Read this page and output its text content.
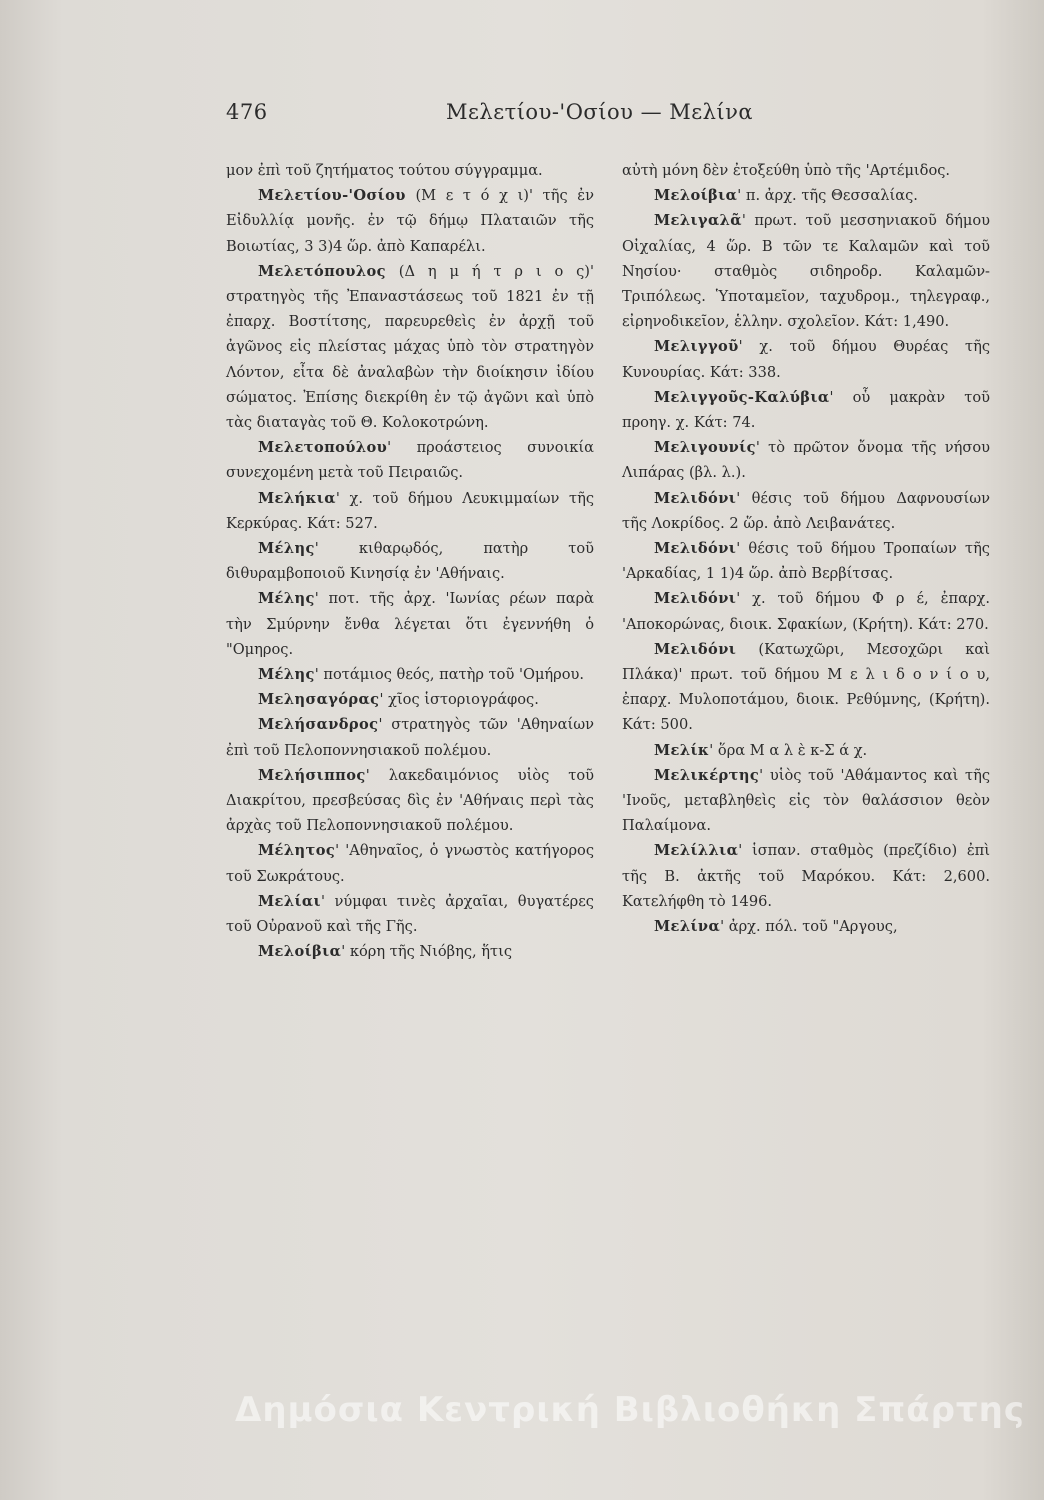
476	Μελετίου-'Οσίου — Μελίνα

μον ἐπὶ τοῦ ζητήματος τούτου σύγγραμμα.

Μελετίου-'Οσίου (Μ ε τ ό χ ι)' τῆς ἐν Εἰδυλλίᾳ μονῆς. ἐν τῷ δήμῳ Πλαταιῶν τῆς Βοιωτίας, 3 3)4 ὥρ. ἀπὸ Καπαρέλι.

Μελετόπουλος (Δ η μ ή τ ρ ι ο ς)' στρατηγὸς τῆς Ἐπαναστάσεως τοῦ 1821 ἐν τῇ ἐπαρχ. Βοστίτσης, παρευρεθεὶς ἐν ἀρχῇ τοῦ ἀγῶνος εἰς πλείστας μάχας ὑπὸ τὸν στρατηγὸν Λόντον, εἶτα δὲ ἀναλαβὼν τὴν διοίκησιν ἰδίου σώματος. Ἐπίσης διεκρίθη ἐν τῷ ἀγῶνι καὶ ὑπὸ τὰς διαταγὰς τοῦ Θ. Κολοκοτρώνη.

Μελετοπούλου' προάστειος συνοικία συνεχομένη μετὰ τοῦ Πειραιῶς.

Μελήκια' χ. τοῦ δήμου Λευκιμμαίων τῆς Κερκύρας. Κάτ: 527.

Μέλης' κιθαρῳδός, πατὴρ τοῦ διθυραμβοποιοῦ Κινησίᾳ ἐν 'Αθήναις.

Μέλης' ποτ. τῆς ἀρχ. 'Ιωνίας ρέων παρὰ τὴν Σμύρνην ἔνθα λέγεται ὅτι ἐγεννήθη ὁ "Ομηρος.

Μέλης' ποτάμιος θεός, πατὴρ τοῦ 'Ομήρου.

Μελησαγόρας' χῖος ἱστοριογράφος.

Μελήσανδρος' στρατηγὸς τῶν 'Αθηναίων ἐπὶ τοῦ Πελοποννησιακοῦ πολέμου.

Μελήσιππος' λακεδαιμόνιος υἱὸς τοῦ Διακρίτου, πρεσβεύσας δὶς ἐν 'Αθήναις περὶ τὰς ἀρχὰς τοῦ Πελοποννησιακοῦ πολέμου.

Μέλητος' 'Αθηναῖος, ὁ γνωστὸς κατήγορος τοῦ Σωκράτους.

Μελίαι' νύμφαι τινὲς ἀρχαῖαι, θυγατέρες τοῦ Οὐρανοῦ καὶ τῆς Γῆς.

Μελοίβια' κόρη τῆς Νιόβης, ἥτις

αὐτὴ μόνη δὲν ἐτοξεύθη ὑπὸ τῆς 'Αρτέμιδος.

Μελοίβια' π. ἀρχ. τῆς Θεσσαλίας.

Μελιγαλᾶ' πρωτ. τοῦ μεσσηνιακοῦ δήμου Οἰχαλίας, 4 ὥρ. Β τῶν τε Καλαμῶν καὶ τοῦ Νησίου· σταθμὸς σιδηροδρ. Καλαμῶν-Τριπόλεως. Ὑποταμεῖον, ταχυδρομ., τηλεγραφ., εἰρηνοδικεῖον, ἑλλην. σχολεῖον. Κάτ: 1,490.

Μελιγγοῦ' χ. τοῦ δήμου Θυρέας τῆς Κυνουρίας. Κάτ: 338.

Μελιγγοῦς-Καλύβια' οὗ μακρὰν τοῦ προηγ. χ. Κάτ: 74.

Μελιγουνίς' τὸ πρῶτον ὄνομα τῆς νήσου Λιπάρας (βλ. λ.).

Μελιδόνι' θέσις τοῦ δήμου Δαφνουσίων τῆς Λοκρίδος. 2 ὥρ. ἀπὸ Λειβανάτες.

Μελιδόνι' θέσις τοῦ δήμου Τροπαίων τῆς 'Αρκαδίας, 1 1)4 ὥρ. ἀπὸ Βερβίτσας.

Μελιδόνι' χ. τοῦ δήμου Φ ρ έ, ἐπαρχ. 'Αποκορώνας, διοικ. Σφακίων, (Κρήτη). Κάτ: 270.

Μελιδόνι (Κατωχῶρι, Μεσοχῶρι καὶ Πλάκα)' πρωτ. τοῦ δήμου Μ ε λ ι δ ο ν ί ο υ, ἐπαρχ. Μυλοποτάμου, διοικ. Ρεθύμνης, (Κρήτη). Κάτ: 500.

Μελίκ' ὅρα Μ α λ ὲ κ-Σ ά χ.

Μελικέρτης' υἱὸς τοῦ 'Αθάμαντος καὶ τῆς 'Ινοῦς, μεταβληθεὶς εἰς τὸν θαλάσσιον θεὸν Παλαίμονα.

Μελίλλια' ἱσπαν. σταθμὸς (πρεζίδιο) ἐπὶ τῆς Β. ἀκτῆς τοῦ Μαρόκου. Κάτ: 2,600. Κατελήφθη τὸ 1496.

Μελίνα' ἀρχ. πόλ. τοῦ "Αργους,

Δημόσια Κεντρική Βιβλιοθήκη Σπάρτης
